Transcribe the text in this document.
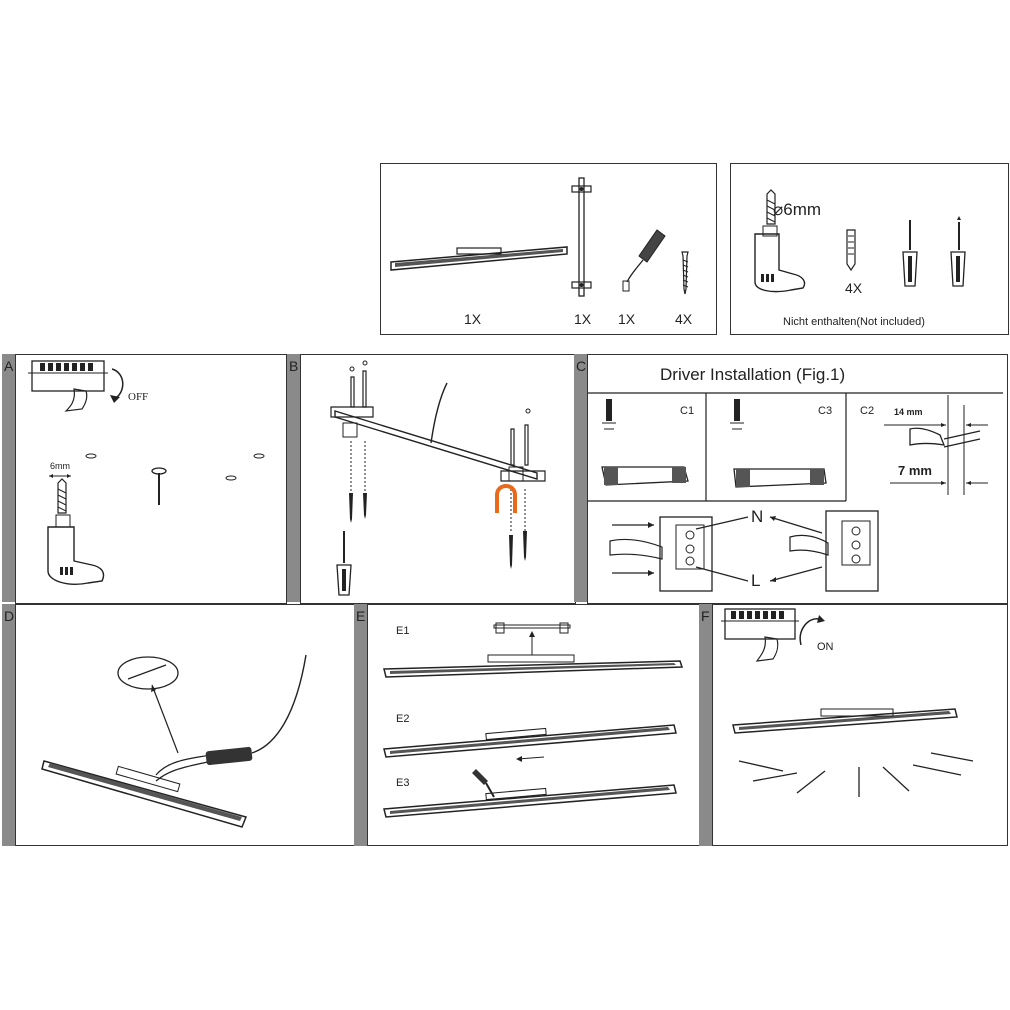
1X	1X 1X	4X
⌀6mm
4X
Nicht enthalten(Not included)
A
OFF
6mm
B	C	Driver Installation (Fig.1)
C1	C3	C2 14 mm
7 mm
N
L
D	E
E1
E2
E3
F
ON
